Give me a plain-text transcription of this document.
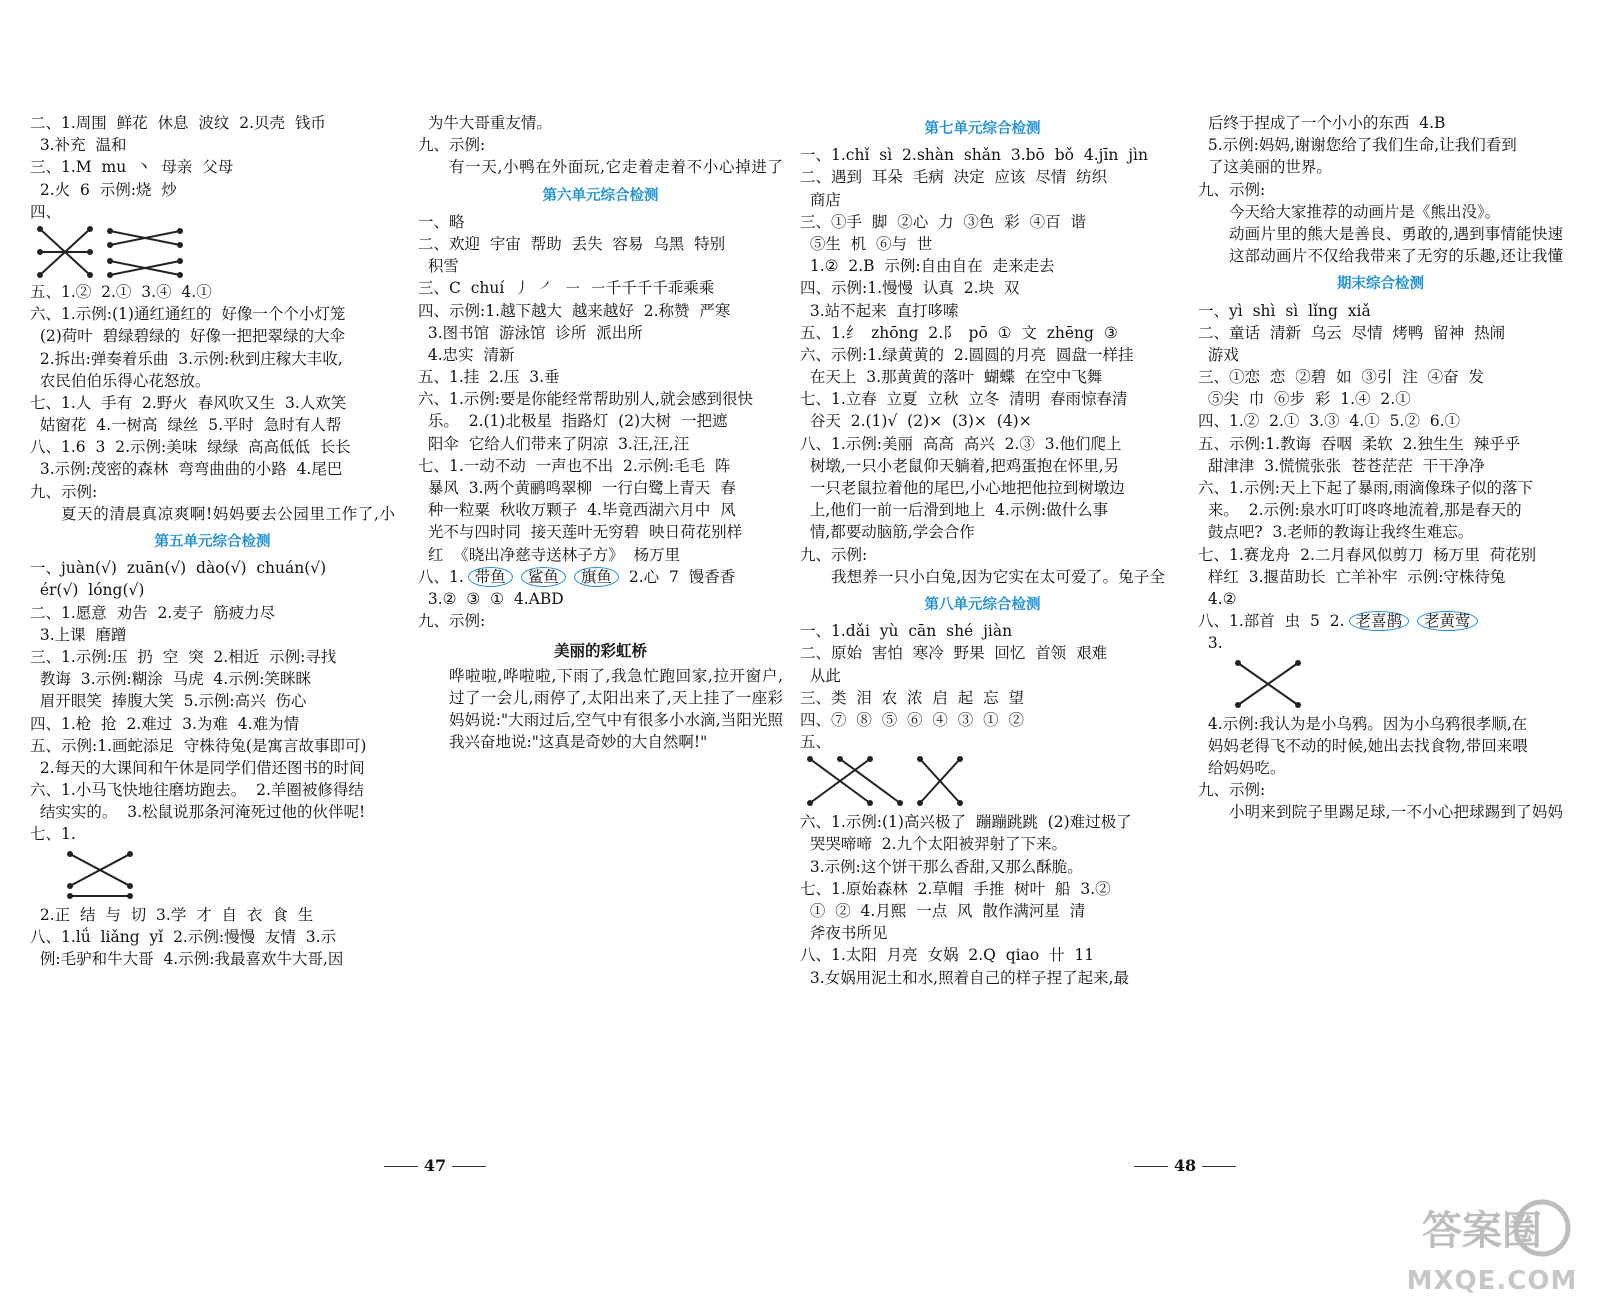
二、1.周围  鲜花  休息  波纹  2.贝壳  钱币
3.补充  温和
三、1.M  mu  丶  母亲  父母
2.火  6  示例:烧  炒
四、
五、1.②  2.①  3.④  4.①
六、1.示例:(1)通红通红的  好像一个个小灯笼
(2)荷叶  碧绿碧绿的  好像一把把翠绿的大伞
2.拆出:弹奏着乐曲  3.示例:秋到庄稼大丰收,
农民伯伯乐得心花怒放。
七、1.人  手有  2.野火  春风吹又生  3.人欢笑
姑窗花  4.一树高  绿丝  5.平时  急时有人帮
八、1.6  3  2.示例:美味  绿绿  高高低低  长长
3.示例:茂密的森林  弯弯曲曲的小路  4.尾巴
九、示例:
夏天的清晨真凉爽啊!妈妈要去公园里工作了,小
第五单元综合检测
一、juàn(√)  zuān(√)  dào(√)  chuán(√)
ér(√)  lóng(√)
二、1.愿意  劝告  2.麦子  筋疲力尽
3.上课  磨蹭
三、1.示例:压  扔  空  突  2.相近  示例:寻找
教诲  3.示例:糊涂  马虎  4.示例:笑眯眯
眉开眼笑  捧腹大笑  5.示例:高兴  伤心
四、1.枪  抢  2.难过  3.为难  4.难为情
五、示例:1.画蛇添足  守株待兔(是寓言故事即可)
2.每天的大课间和午休是同学们借还图书的时间
六、1.小马飞快地往磨坊跑去。  2.羊圈被修得结
结实实的。  3.松鼠说那条河淹死过他的伙伴呢!
七、1.
2.正  结  与  切  3.学  才  自  衣  食  生
八、1.lǘ  liǎng  yǐ  2.示例:慢慢  友情  3.示
例:毛驴和牛大哥  4.示例:我最喜欢牛大哥,因
为牛大哥重友情。
九、示例:
有一天,小鸭在外面玩,它走着走着不小心掉进了
第六单元综合检测
一、略
二、欢迎  宇宙  帮助  丢失  容易  乌黑  特别
积雪
三、C  chuí  丿  ㇒  ㇐  ㇐千千千千乖乘乘
四、示例:1.越下越大  越来越好  2.称赞  严寒
3.图书馆  游泳馆  诊所  派出所
4.忠实  清新
五、1.挂  2.压  3.垂
六、1.示例:要是你能经常帮助别人,就会感到很快
乐。  2.(1)北极星  指路灯  (2)大树  一把遮
阳伞  它给人们带来了阴凉  3.汪,汪,汪
七、1.一动不动  一声也不出  2.示例:毛毛  阵
暴风  3.两个黄鹂鸣翠柳  一行白鹭上青天  春
种一粒粟  秋收万颗子  4.毕竟西湖六月中  风
光不与四时同  接天莲叶无穷碧  映日荷花别样
红  《晓出净慈寺送林子方》  杨万里
八、1. 带鱼 鲨鱼 旗鱼 2.心  7  馒香香
3.②  ③  ①  4.ABD
九、示例:
美丽的彩虹桥
哗啦啦,哗啦啦,下雨了,我急忙跑回家,拉开窗户,
过了一会儿,雨停了,太阳出来了,天上挂了一座彩
妈妈说:"大雨过后,空气中有很多小水滴,当阳光照
我兴奋地说:"这真是奇妙的大自然啊!"
47
第七单元综合检测
一、1.chǐ  sì  2.shàn  shǎn  3.bō  bǒ  4.jīn  jìn
二、遇到  耳朵  毛病  决定  应该  尽情  纺织
商店
三、①手  脚  ②心  力  ③色  彩  ④百  谐
⑤生  机  ⑥与  世
1.②  2.B  示例:自由自在  走来走去
四、示例:1.慢慢  认真  2.块  双
3.站不起来  直打哆嗦
五、1.纟  zhōng  2.阝  pō  ①  文  zhēng  ③
六、示例:1.绿黄黄的  2.圆圆的月亮  圆盘一样挂
在天上  3.那黄黄的落叶  蝴蝶  在空中飞舞
七、1.立春  立夏  立秋  立冬  清明  春雨惊春清
谷天  2.(1)√  (2)×  (3)×  (4)×
八、1.示例:美丽  高高  高兴  2.③  3.他们爬上
树墩,一只小老鼠仰天躺着,把鸡蛋抱在怀里,另
一只老鼠拉着他的尾巴,小心地把他拉到树墩边
上,他们一前一后滑到地上  4.示例:做什么事
情,都要动脑筋,学会合作
九、示例:
我想养一只小白兔,因为它实在太可爱了。兔子全
第八单元综合检测
一、1.dǎi  yù  cān  shé  jiàn
二、原始  害怕  寒冷  野果  回忆  首领  艰难
从此
三、类  泪  农  浓  启  起  忘  望
四、⑦  ⑧  ⑤  ⑥  ④  ③  ①  ②
五、
六、1.示例:(1)高兴极了  蹦蹦跳跳  (2)难过极了
哭哭啼啼  2.九个太阳被羿射了下来。
3.示例:这个饼干那么香甜,又那么酥脆。
七、1.原始森林  2.草帽  手推  树叶  船  3.②
①  ②  4.月熙  一点  风  散作满河星  清
斧夜书所见
八、1.太阳  月亮  女娲  2.Q  qiao  卄  11
3.女娲用泥土和水,照着自己的样子捏了起来,最
后终于捏成了一个小小的东西  4.B
5.示例:妈妈,谢谢您给了我们生命,让我们看到
了这美丽的世界。
九、示例:
今天给大家推荐的动画片是《熊出没》。
动画片里的熊大是善良、勇敢的,遇到事情能快速
这部动画片不仅给我带来了无穷的乐趣,还让我懂
期末综合检测
一、yì  shì  sì  lǐng  xiǎ
二、童话  清新  乌云  尽情  烤鸭  留神  热闹
游戏
三、①恋  恋  ②碧  如  ③引  注  ④奋  发
⑤尖  巾  ⑥步  彩  1.④  2.①
四、1.②  2.①  3.③  4.①  5.②  6.①
五、示例:1.教诲  吞咽  柔软  2.独生生  辣乎乎
甜津津  3.慌慌张张  苍苍茫茫  干干净净
六、1.示例:天上下起了暴雨,雨滴像珠子似的落下
来。  2.示例:泉水叮叮咚咚地流着,那是春天的
鼓点吧?  3.老师的教诲让我终生难忘。
七、1.赛龙舟  2.二月春风似剪刀  杨万里  荷花别
样红  3.揠苗助长  亡羊补牢  示例:守株待兔
4.②
八、1.部首  虫  5  2. 老喜鹊 老黄莺
3.
4.示例:我认为是小乌鸦。因为小乌鸦很孝顺,在
妈妈老得飞不动的时候,她出去找食物,带回来喂
给妈妈吃。
九、示例:
小明来到院子里踢足球,一不小心把球踢到了妈妈
48
答案圈
MXQE.COM
